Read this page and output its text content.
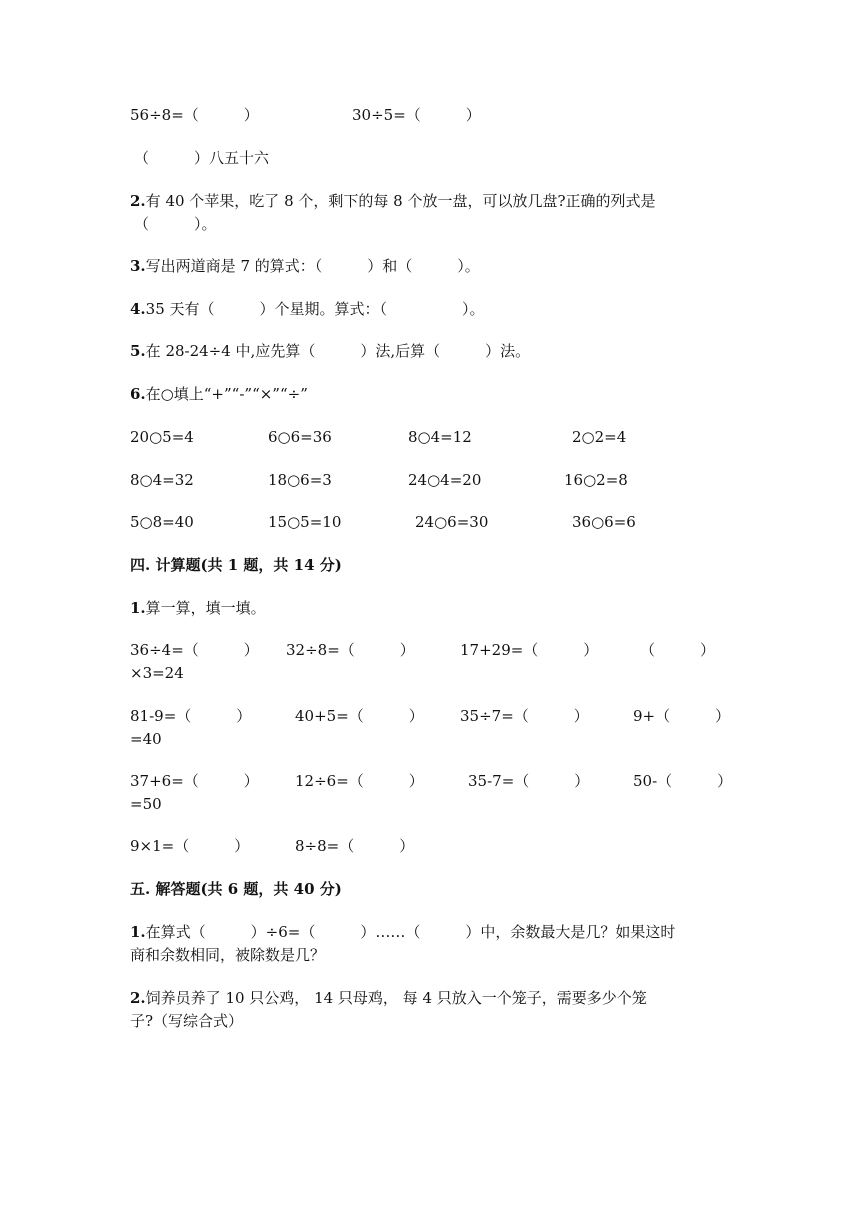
56÷8=（　　　）	30÷5=（　　　）
（　　　）八五十六
2.有 40 个苹果，吃了 8 个，剩下的每 8 个放一盘，可以放几盘?正确的列式是
（　　　）。
3.写出两道商是 7 的算式：（　　　）和（　　　）。
4.35 天有（　　　）个星期。算式：（　　　　　）。
5.在 28-24÷4 中,应先算（　　　）法,后算（　　　）法。
6.在○填上“+”“-”“×”“÷”
20○5=4	6○6=36	8○4=12	2○2=4
8○4=32	18○6=3	24○4=20	16○2=8
5○8=40	15○5=10	24○6=30	36○6=6
四. 计算题(共 1 题，共 14 分)
1.算一算，填一填。
36÷4=（　　　） 32÷8=（　　　）	17+29=（　　　）	（　　　）
×3=24
81-9=（　　　）	40+5=（　　　） 35÷7=（　　　）	9+（　　　）
=40
37+6=（　　　） 12÷6=（　　　）	35-7=（　　　）	50-（　　　）
=50
9×1=（　　　）	8÷8=（　　　）
五. 解答题(共 6 题，共 40 分)
1.在算式（　　　）÷6=（　　　）……（　　　）中，余数最大是几？如果这时
商和余数相同，被除数是几？
2.饲养员养了 10 只公鸡， 14 只母鸡， 每 4 只放入一个笼子，需要多少个笼
子?（写综合式）
